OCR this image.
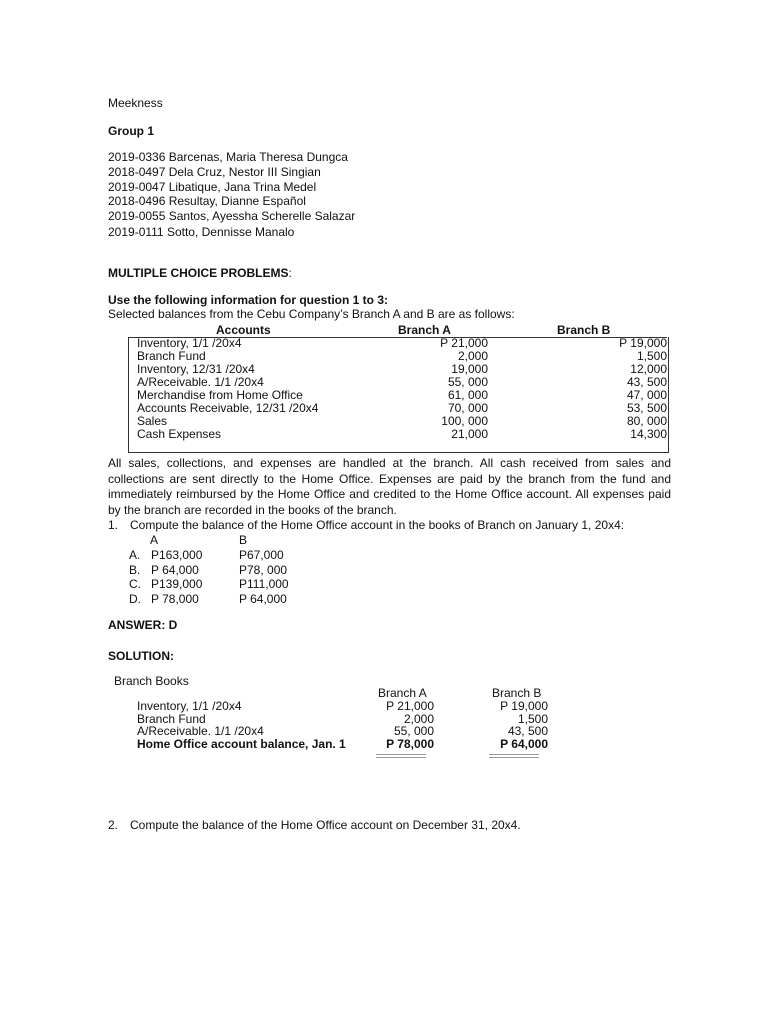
Meekness
Group 1
2019-0336 Barcenas, Maria Theresa Dungca
2018-0497 Dela Cruz, Nestor III Singian
2019-0047 Libatique, Jana Trina Medel
2018-0496 Resultay, Dianne Español
2019-0055 Santos, Ayessha Scherelle Salazar
2019-0111 Sotto, Dennisse Manalo
MULTIPLE CHOICE PROBLEMS:
Use the following information for question 1 to 3:
Selected balances from the Cebu Company’s Branch A and B are as follows:
Accounts	Branch A	Branch B
Inventory, 1/1 /20x4	P 21,000	P 19,000
Branch Fund	2,000	1,500
Inventory, 12/31 /20x4	19,000	12,000
A/Receivable. 1/1 /20x4	55, 000	43, 500
Merchandise from Home Office	61, 000	47, 000
Accounts Receivable, 12/31 /20x4	70, 000	53, 500
Sales	100, 000	80, 000
Cash Expenses	21,000	14,300
All sales, collections, and expenses are handled at the branch. All cash received from sales and collections are sent directly to the Home Office. Expenses are paid by the branch from the fund and immediately reimbursed by the Home Office and credited to the Home Office account. All expenses paid by the branch are recorded in the books of the branch.
1. Compute the balance of the Home Office account in the books of Branch on January 1, 20x4:
A	B
A. P163,000	P67,000
B. P 64,000	P78, 000
C. P139,000	P111,000
D. P 78,000	P 64,000
ANSWER: D
SOLUTION:
Branch Books
Branch A	Branch B
Inventory, 1/1 /20x4	P 21,000	P 19,000
Branch Fund	2,000	1,500
A/Receivable. 1/1 /20x4	55, 000	43, 500
Home Office account balance, Jan. 1	P 78,000	P 64,000
2. Compute the balance of the Home Office account on December 31, 20x4.
